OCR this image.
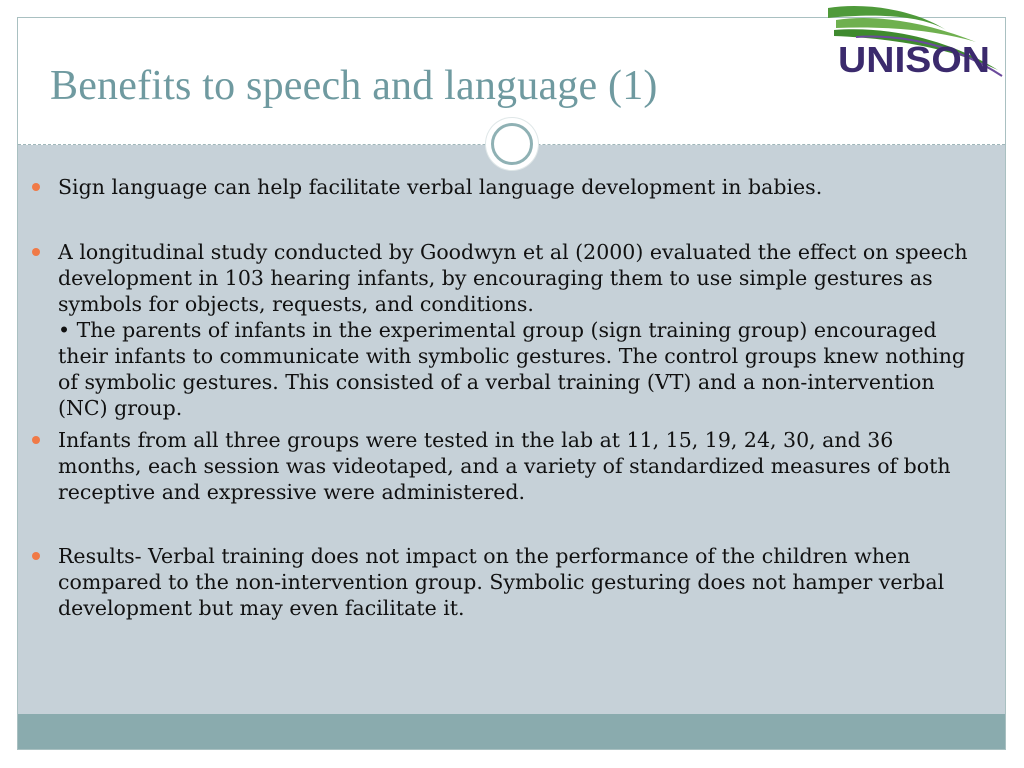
Benefits to speech and language (1)
UNISON
Sign language can help facilitate verbal language development in babies.
A longitudinal study conducted by Goodwyn et al (2000) evaluated the effect on speech development in 103 hearing infants, by encouraging them to use simple gestures as symbols for objects, requests, and conditions.
• The parents of infants in the experimental group (sign training group) encouraged their infants to communicate with symbolic gestures. The control groups knew nothing of symbolic gestures. This consisted of a verbal training (VT) and a non-intervention (NC) group.
Infants from all three groups were tested in the lab at 11, 15, 19, 24, 30, and 36 months, each session was videotaped, and a variety of standardized measures of both receptive and expressive were administered.
Results- Verbal training does not impact on the performance of the children when compared to the non-intervention group. Symbolic gesturing does not hamper verbal development but may even facilitate it.
